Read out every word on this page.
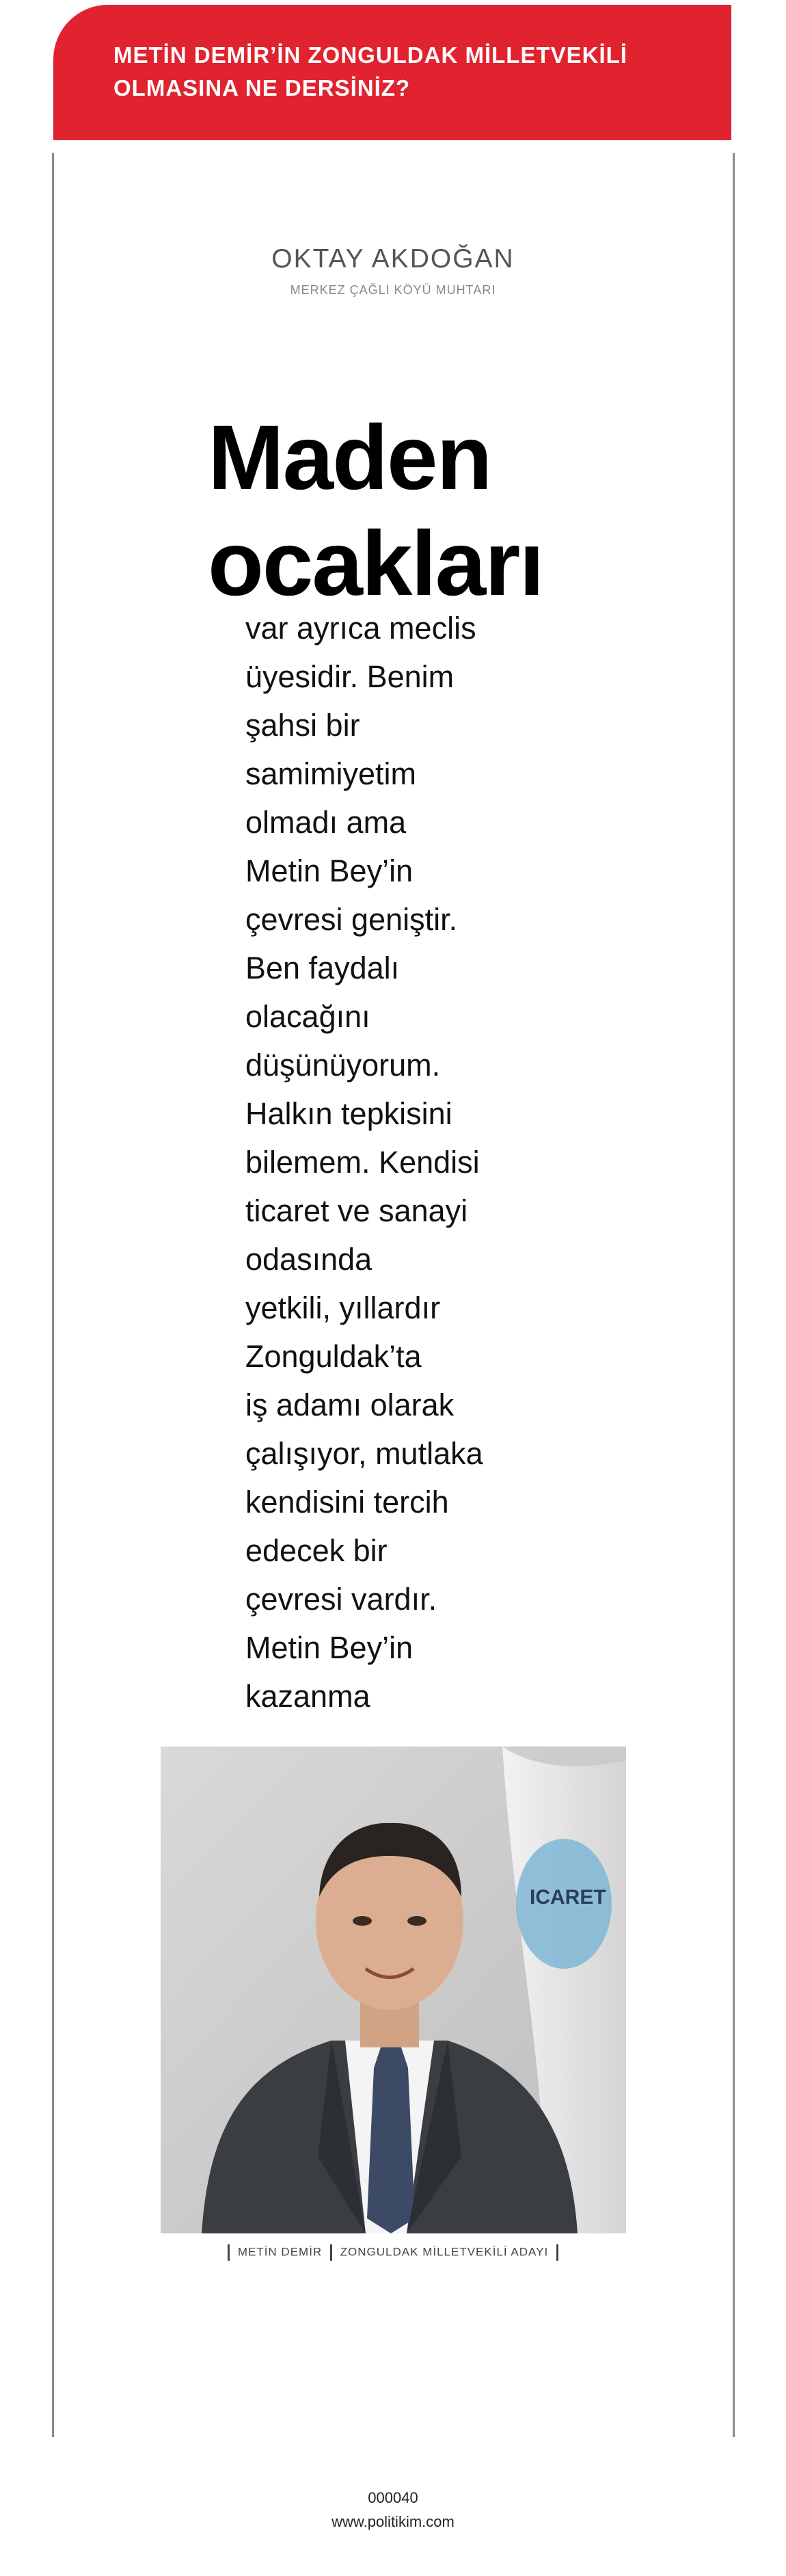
METİN DEMİR’İN ZONGULDAK MİLLETVEKİLİ OLMASINA NE DERSİNİZ?
OKTAY AKDOĞAN
MERKEZ ÇAĞLI KÖYÜ MUHTARI
Maden
ocakları
var ayrıca meclis
üyesidir. Benim
şahsi bir
samimiyetim
olmadı ama
Metin Bey’in
çevresi geniştir.
Ben faydalı
olacağını
düşünüyorum.
Halkın tepkisini
bilemem. Kendisi
ticaret ve sanayi
odasında
yetkili, yıllardır
Zonguldak’ta
iş adamı olarak
çalışıyor, mutlaka
kendisini tercih
edecek bir
çevresi vardır.
Metin Bey’in
kazanma
ICARET
METİN DEMİR ZONGULDAK MİLLETVEKİLİ ADAYI
000040
www.politikim.com
